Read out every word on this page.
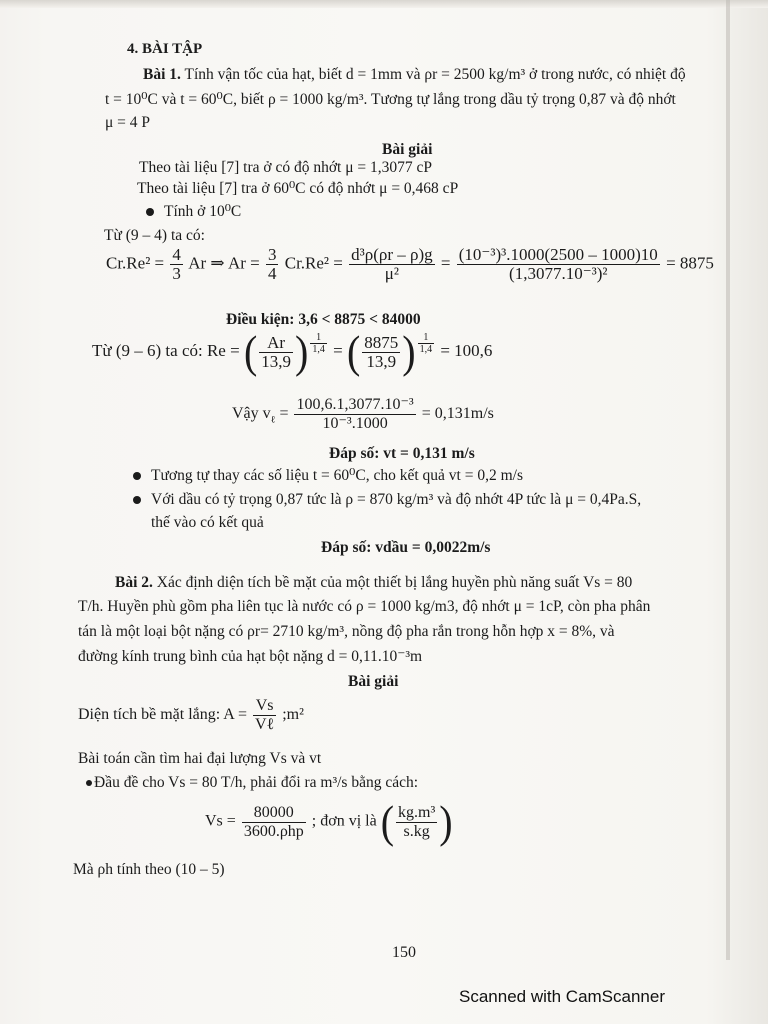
4. BÀI TẬP
Bài 1. Tính vận tốc của hạt, biết d = 1mm và ρr = 2500 kg/m³ ở trong nước, có nhiệt độ
t = 10⁰C và t = 60⁰C, biết ρ = 1000 kg/m³. Tương tự lắng trong dầu tỷ trọng 0,87 và độ nhớt
μ = 4 P
Bài giải
Theo tài liệu [7] tra ở có độ nhớt μ = 1,3077 cP
Theo tài liệu [7] tra ở 60⁰C có độ nhớt μ = 0,468 cP
Tính ở 10⁰C
Từ (9 – 4) ta có:
$Cr.Re^2 = \frac{4}{3}$ Ar ⇒ $Ar = \frac{3}{4} Cr.Re^2 = \frac{\text{d³ρ(ρr – ρ)g}}{\text{μ²}} = \frac{\text{(10⁻³)³.1000(2500 – 1000)10}}{\text{(1,3077.10⁻³)²}} = 8875$
Điều kiện: 3,6 < 8875 < 84000
Từ (9 – 6) ta có: Re = ( $\frac{Ar}{13,9}$ ) $\frac{1}{1,4}$ = ( $\frac{8875}{13,9}$ ) $\frac{1}{1,4} = 100,6$
Vậy $v_\ell = \frac{\text{100,6.1,3077.10⁻³}}{\text{10⁻³.1000}} = 0,131m/s$
Đáp số: vt = 0,131 m/s
Tương tự thay các số liệu t = 60⁰C, cho kết quả vt = 0,2 m/s
Với dầu có tỷ trọng 0,87 tức là ρ = 870 kg/m³ và độ nhớt 4P tức là μ = 0,4Pa.S,
thế vào có kết quả
Đáp số: vdầu = 0,0022m/s
Bài 2. Xác định diện tích bề mặt của một thiết bị lắng huyền phù năng suất Vs = 80
T/h. Huyền phù gồm pha liên tục là nước có ρ = 1000 kg/m3, độ nhớt μ = 1cP, còn pha phân
tán là một loại bột nặng có ρr= 2710 kg/m³, nồng độ pha rắn trong hỗn hợp x = 8%, và
đường kính trung bình của hạt bột nặng d = 0,11.10⁻³m
Bài giải
Diện tích bề mặt lắng: $A = \frac{Vs}{\text{Vℓ}}$ ;m²
Bài toán cần tìm hai đại lượng Vs và vt
Đầu đề cho Vs = 80 T/h, phải đổi ra m³/s bằng cách:
$Vs = \frac{80000}{\text{3600.ρhp}}$ ; đơn vị là ( $\frac{\text{kg.m³}}{s.kg}$ )
Mà ρh tính theo (10 – 5)
150
Scanned with CamScanner
